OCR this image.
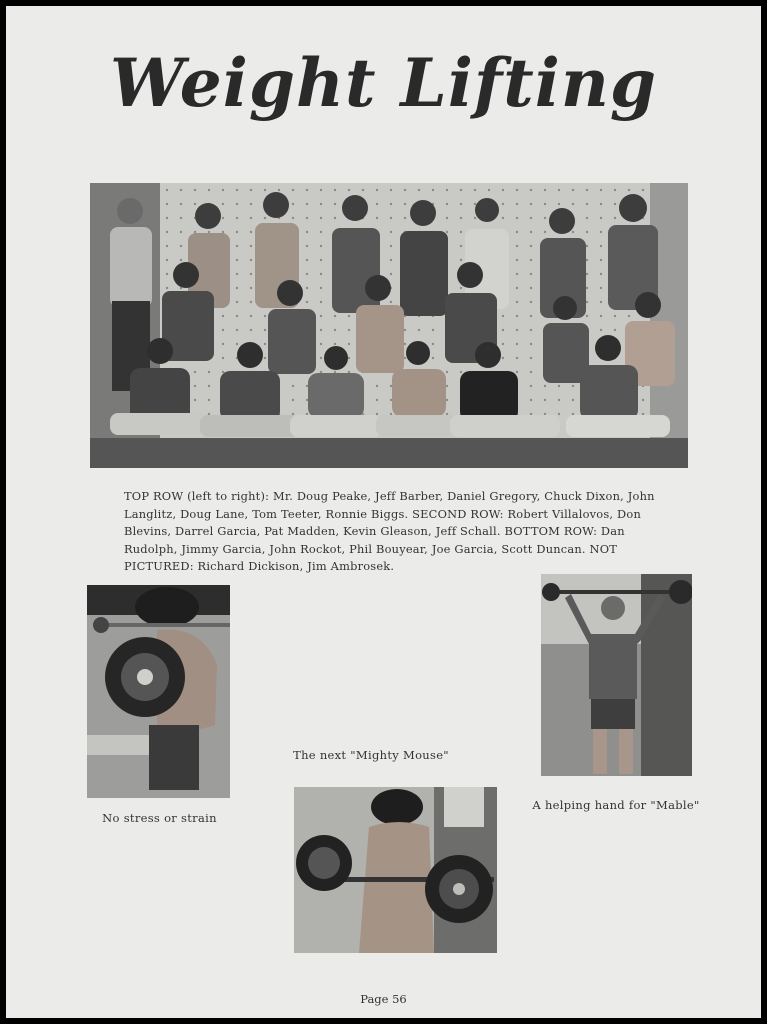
Weight Lifting

TOP ROW (left to right): Mr. Doug Peake, Jeff Barber, Daniel Gregory, Chuck Dixon, John Langlitz, Doug Lane, Tom Teeter, Ronnie Biggs. SECOND ROW: Robert Villalovos, Don Blevins, Darrel Garcia, Pat Madden, Kevin Gleason, Jeff Schall. BOTTOM ROW: Dan Rudolph, Jimmy Garcia, John Rockot, Phil Bouyear, Joe Garcia, Scott Duncan. NOT PICTURED: Richard Dickison, Jim Ambrosek.

No stress or strain

The next "Mighty Mouse"

A helping hand for "Mable"

Page 56
